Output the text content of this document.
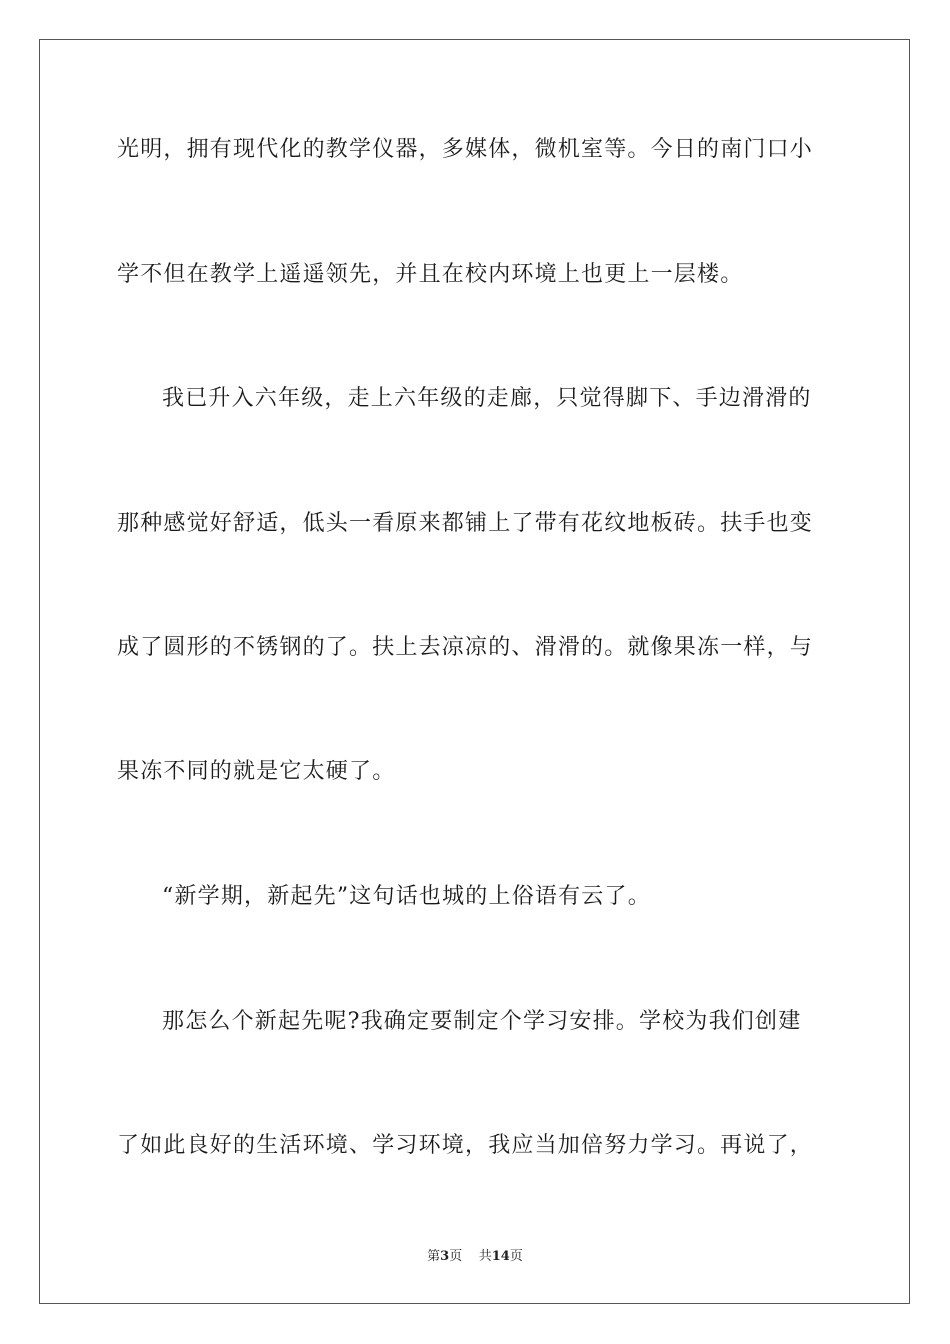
光明，拥有现代化的教学仪器，多媒体，微机室等。今日的南门口小
学不但在教学上遥遥领先，并且在校内环境上也更上一层楼。
我已升入六年级，走上六年级的走廊，只觉得脚下、手边滑滑的
那种感觉好舒适，低头一看原来都铺上了带有花纹地板砖。扶手也变
成了圆形的不锈钢的了。扶上去凉凉的、滑滑的。就像果冻一样，与
果冻不同的就是它太硬了。
“新学期，新起先”这句话也城的上俗语有云了。
那怎么个新起先呢?我确定要制定个学习安排。学校为我们创建
了如此良好的生活环境、学习环境，我应当加倍努力学习。再说了，
第3页 共14页
